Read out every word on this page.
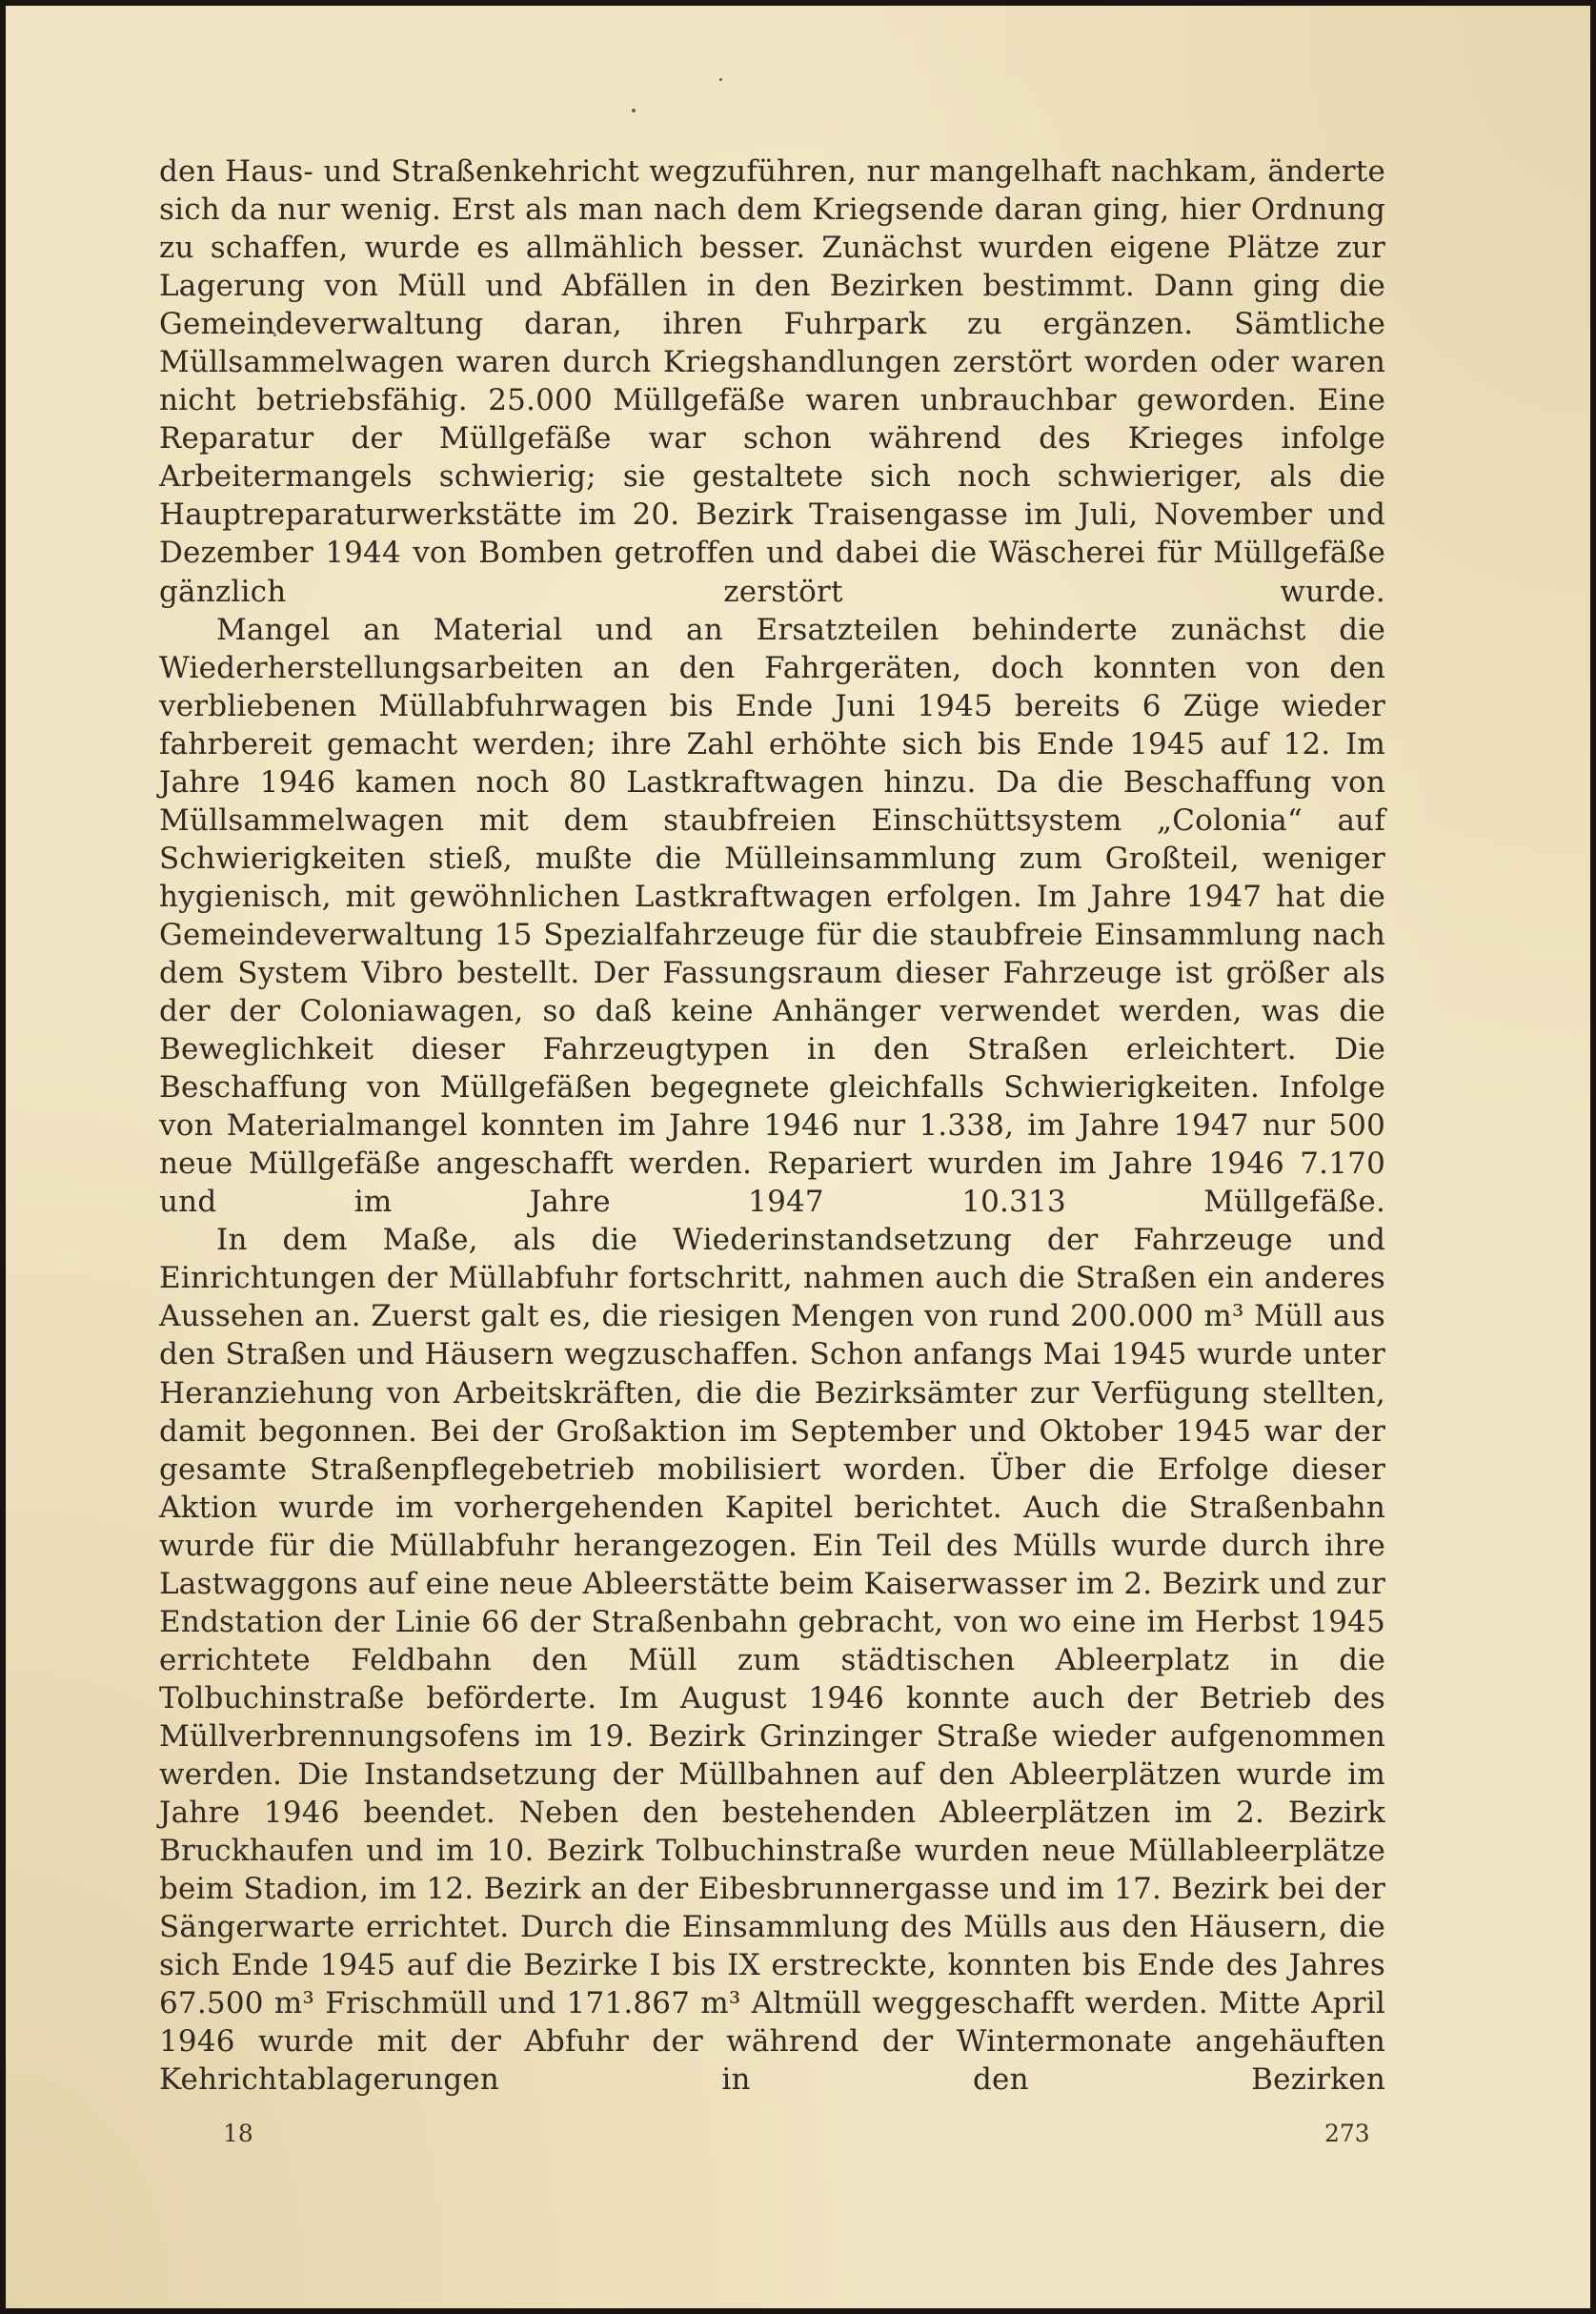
den Haus- und Straßenkehricht wegzuführen, nur mangelhaft nachkam, änderte sich da nur wenig. Erst als man nach dem Kriegsende daran ging, hier Ordnung zu schaffen, wurde es allmählich besser. Zunächst wurden eigene Plätze zur Lagerung von Müll und Abfällen in den Bezirken bestimmt. Dann ging die Gemeindeverwaltung daran, ihren Fuhrpark zu ergänzen. Sämtliche Müllsammelwagen waren durch Kriegshandlungen zerstört worden oder waren nicht betriebsfähig. 25.000 Müllgefäße waren unbrauchbar geworden. Eine Reparatur der Müllgefäße war schon während des Krieges infolge Arbeitermangels schwierig; sie gestaltete sich noch schwieriger, als die Hauptreparaturwerkstätte im 20. Bezirk Traisengasse im Juli, November und Dezember 1944 von Bomben getroffen und dabei die Wäscherei für Müllgefäße gänzlich zerstört wurde.

Mangel an Material und an Ersatzteilen behinderte zunächst die Wiederherstellungsarbeiten an den Fahrgeräten, doch konnten von den verbliebenen Müllabfuhrwagen bis Ende Juni 1945 bereits 6 Züge wieder fahrbereit gemacht werden; ihre Zahl erhöhte sich bis Ende 1945 auf 12. Im Jahre 1946 kamen noch 80 Lastkraftwagen hinzu. Da die Beschaffung von Müllsammelwagen mit dem staubfreien Einschüttsystem „Colonia“ auf Schwierigkeiten stieß, mußte die Mülleinsammlung zum Großteil, weniger hygienisch, mit gewöhnlichen Lastkraftwagen erfolgen. Im Jahre 1947 hat die Gemeindeverwaltung 15 Spezialfahrzeuge für die staubfreie Einsammlung nach dem System Vibro bestellt. Der Fassungsraum dieser Fahrzeuge ist größer als der der Coloniawagen, so daß keine Anhänger verwendet werden, was die Beweglichkeit dieser Fahrzeugtypen in den Straßen erleichtert. Die Beschaffung von Müllgefäßen begegnete gleichfalls Schwierigkeiten. Infolge von Materialmangel konnten im Jahre 1946 nur 1.338, im Jahre 1947 nur 500 neue Müllgefäße angeschafft werden. Repariert wurden im Jahre 1946 7.170 und im Jahre 1947 10.313 Müllgefäße.

In dem Maße, als die Wiederinstandsetzung der Fahrzeuge und Einrichtungen der Müllabfuhr fortschritt, nahmen auch die Straßen ein anderes Aussehen an. Zuerst galt es, die riesigen Mengen von rund 200.000 m³ Müll aus den Straßen und Häusern wegzuschaffen. Schon anfangs Mai 1945 wurde unter Heranziehung von Arbeitskräften, die die Bezirksämter zur Verfügung stellten, damit begonnen. Bei der Großaktion im September und Oktober 1945 war der gesamte Straßenpflegebetrieb mobilisiert worden. Über die Erfolge dieser Aktion wurde im vorhergehenden Kapitel berichtet. Auch die Straßenbahn wurde für die Müllabfuhr herangezogen. Ein Teil des Mülls wurde durch ihre Lastwaggons auf eine neue Ableerstätte beim Kaiserwasser im 2. Bezirk und zur Endstation der Linie 66 der Straßenbahn gebracht, von wo eine im Herbst 1945 errichtete Feldbahn den Müll zum städtischen Ableerplatz in die Tolbuchinstraße beförderte. Im August 1946 konnte auch der Betrieb des Müllverbrennungsofens im 19. Bezirk Grinzinger Straße wieder aufgenommen werden. Die Instandsetzung der Müllbahnen auf den Ableerplätzen wurde im Jahre 1946 beendet. Neben den bestehenden Ableerplätzen im 2. Bezirk Bruckhaufen und im 10. Bezirk Tolbuchinstraße wurden neue Müllableerplätze beim Stadion, im 12. Bezirk an der Eibesbrunnergasse und im 17. Bezirk bei der Sängerwarte errichtet. Durch die Einsammlung des Mülls aus den Häusern, die sich Ende 1945 auf die Bezirke I bis IX erstreckte, konnten bis Ende des Jahres 67.500 m³ Frischmüll und 171.867 m³ Altmüll weggeschafft werden. Mitte April 1946 wurde mit der Abfuhr der während der Wintermonate angehäuften Kehrichtablagerungen in den Bezirken

18	273
